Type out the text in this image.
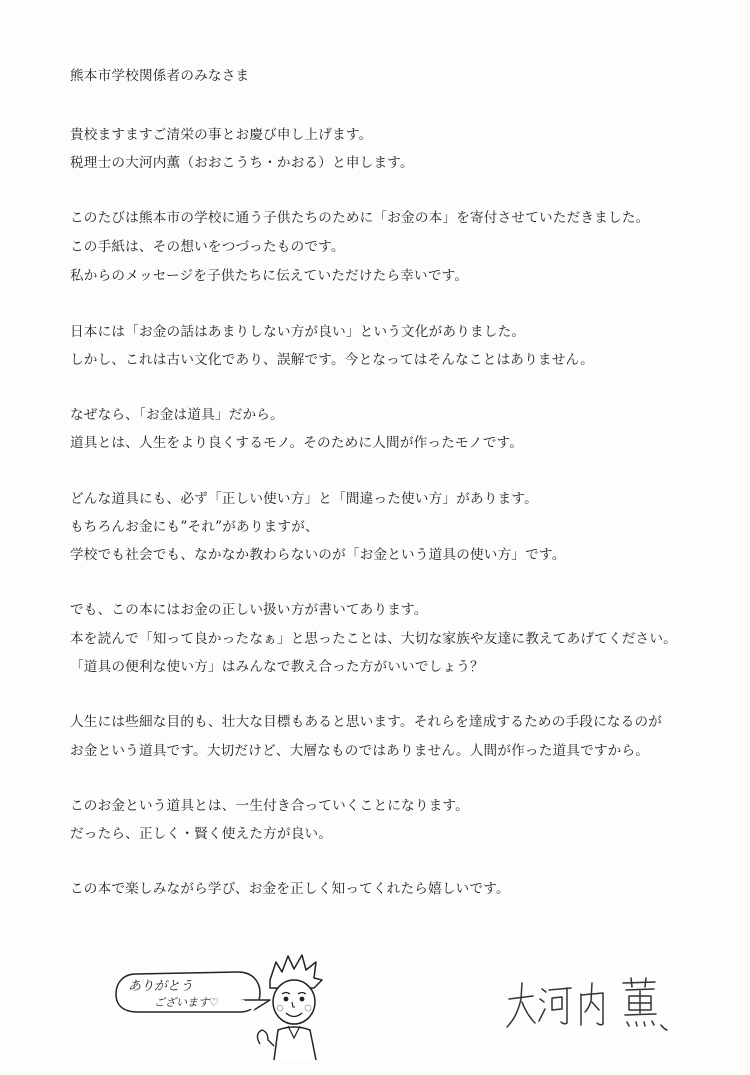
熊本市学校関係者のみなさま
貴校ますますご清栄の事とお慶び申し上げます。
税理士の大河内薫（おおこうち・かおる）と申します。
このたびは熊本市の学校に通う子供たちのために「お金の本」を寄付させていただきました。
この手紙は、その想いをつづったものです。
私からのメッセージを子供たちに伝えていただけたら幸いです。
日本には「お金の話はあまりしない方が良い」という文化がありました。
しかし、これは古い文化であり、誤解です。今となってはそんなことはありません。
なぜなら、「お金は道具」だから。
道具とは、人生をより良くするモノ。そのために人間が作ったモノです。
どんな道具にも、必ず「正しい使い方」と「間違った使い方」があります。
もちろんお金にも”それ”がありますが、
学校でも社会でも、なかなか教わらないのが「お金という道具の使い方」です。
でも、この本にはお金の正しい扱い方が書いてあります。
本を読んで「知って良かったなぁ」と思ったことは、大切な家族や友達に教えてあげてください。
「道具の便利な使い方」はみんなで教え合った方がいいでしょう？
人生には些細な目的も、壮大な目標もあると思います。それらを達成するための手段になるのが
お金という道具です。大切だけど、大層なものではありません。人間が作った道具ですから。
このお金という道具とは、一生付き合っていくことになります。
だったら、正しく・賢く使えた方が良い。
この本で楽しみながら学び、お金を正しく知ってくれたら嬉しいです。
ありがとう
ございます♡
